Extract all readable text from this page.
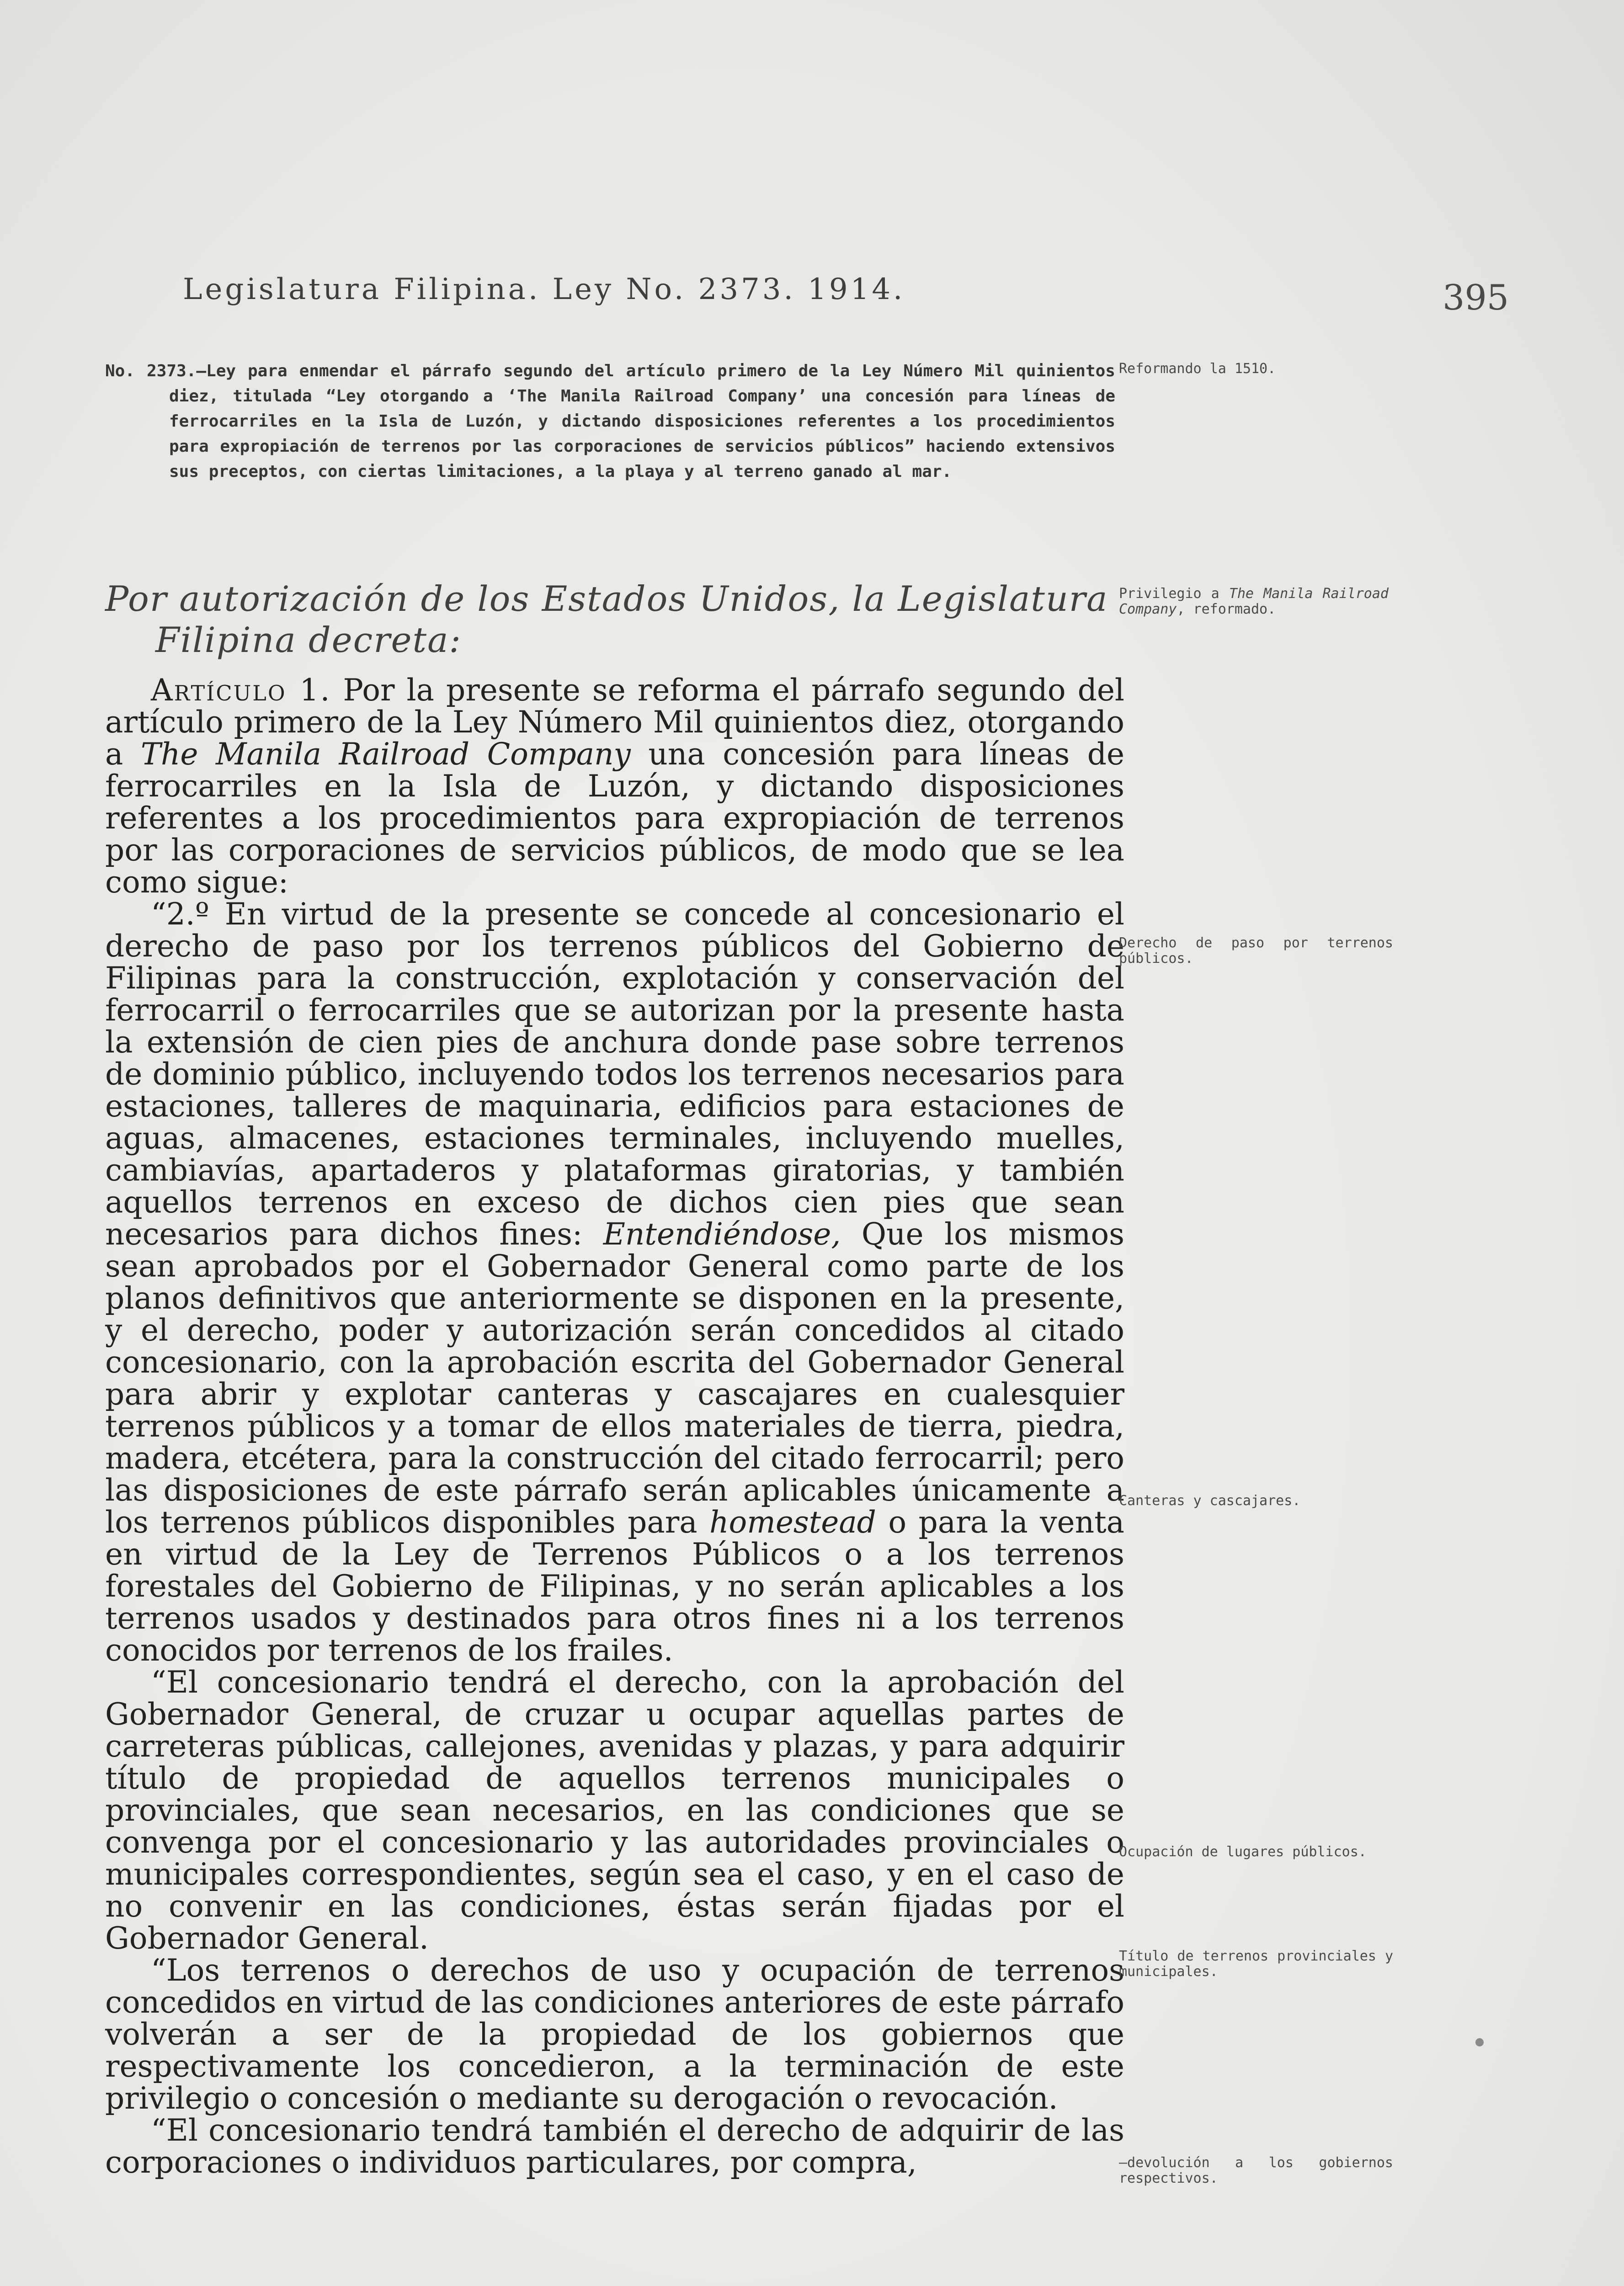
Legislatura Filipina. Ley No. 2373. 1914.	395
No. 2373.—Ley para enmendar el párrafo segundo del artículo primero de la Ley Número Mil quinientos diez, titulada “Ley otorgando a ‘The Manila Railroad Company’ una concesión para líneas de ferrocarriles en la Isla de Luzón, y dictando disposiciones referentes a los procedimientos para expropiación de terrenos por las corporaciones de servicios públicos” haciendo extensivos sus preceptos, con ciertas limitaciones, a la playa y al terreno ganado al mar.
Por autorización de los Estados Unidos, la Legislatura
Filipina decreta:

Artículo 1. Por la presente se reforma el párrafo segundo del artículo primero de la Ley Número Mil quinientos diez, otorgando a The Manila Railroad Company una concesión para líneas de ferrocarriles en la Isla de Luzón, y dictando disposiciones referentes a los procedimientos para expropiación de terrenos por las corporaciones de servicios públicos, de modo que se lea como sigue:

“2.º En virtud de la presente se concede al concesionario el derecho de paso por los terrenos públicos del Gobierno de Filipinas para la construcción, explotación y conservación del ferrocarril o ferrocarriles que se autorizan por la presente hasta la extensión de cien pies de anchura donde pase sobre terrenos de dominio público, incluyendo todos los terrenos necesarios para estaciones, talleres de maquinaria, edificios para estaciones de aguas, almacenes, estaciones terminales, incluyendo muelles, cambiavías, apartaderos y plataformas giratorias, y también aquellos terrenos en exceso de dichos cien pies que sean necesarios para dichos fines: Entendiéndose, Que los mismos sean aprobados por el Gobernador General como parte de los planos definitivos que anteriormente se disponen en la presente, y el derecho, poder y autorización serán concedidos al citado concesionario, con la aprobación escrita del Gobernador General para abrir y explotar canteras y cascajares en cualesquier terrenos públicos y a tomar de ellos materiales de tierra, piedra, madera, etcétera, para la construcción del citado ferrocarril; pero las disposiciones de este párrafo serán aplicables únicamente a los terrenos públicos disponibles para homestead o para la venta en virtud de la Ley de Terrenos Públicos o a los terrenos forestales del Gobierno de Filipinas, y no serán aplicables a los terrenos usados y destinados para otros fines ni a los terrenos conocidos por terrenos de los frailes.

“El concesionario tendrá el derecho, con la aprobación del Gobernador General, de cruzar u ocupar aquellas partes de carreteras públicas, callejones, avenidas y plazas, y para adquirir título de propiedad de aquellos terrenos municipales o provinciales, que sean necesarios, en las condiciones que se convenga por el concesionario y las autoridades provinciales o municipales correspondientes, según sea el caso, y en el caso de no convenir en las condiciones, éstas serán fijadas por el Gobernador General.

“Los terrenos o derechos de uso y ocupación de terrenos concedidos en virtud de las condiciones anteriores de este párrafo volverán a ser de la propiedad de los gobiernos que respectivamente los concedieron, a la terminación de este privilegio o concesión o mediante su derogación o revocación.

“El concesionario tendrá también el derecho de adquirir de las corporaciones o individuos particulares, por compra,

Reformando la 1510.
Privilegio a The Manila Railroad Company, reformado.
Derecho de paso por terrenos públicos.
Canteras y cascajares.
Ocupación de lugares públicos.
Título de terrenos provinciales y municipales.
—devolución a los gobiernos respectivos.
